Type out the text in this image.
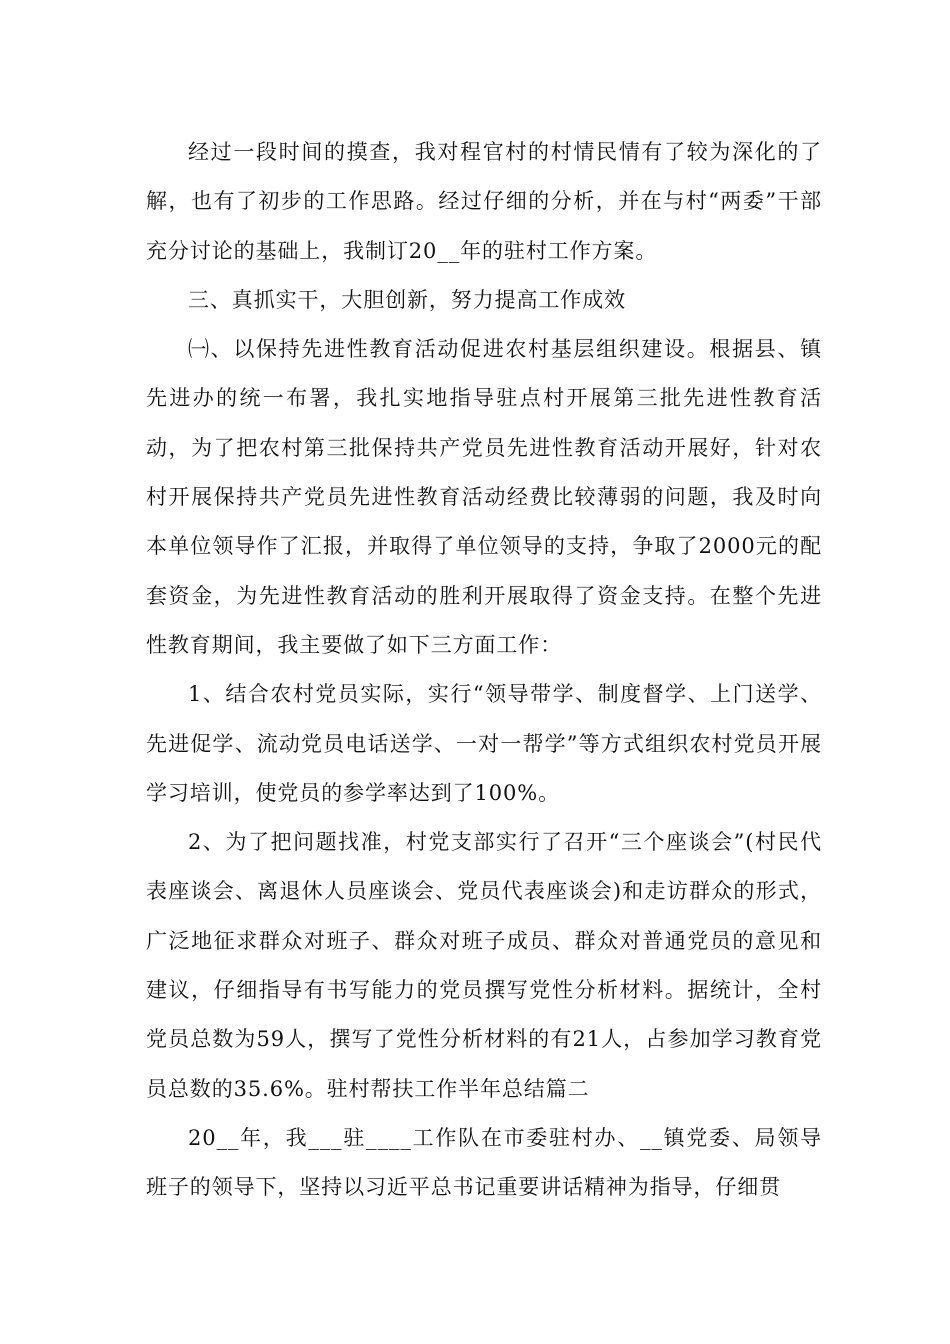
经过一段时间的摸查，我对程官村的村情民情有了较为深化的了解，也有了初步的工作思路。经过仔细的分析，并在与村“两委”干部充分讨论的基础上，我制订20__年的驻村工作方案。

三、真抓实干，大胆创新，努力提高工作成效

㈠、以保持先进性教育活动促进农村基层组织建设。根据县、镇先进办的统一布署，我扎实地指导驻点村开展第三批先进性教育活动，为了把农村第三批保持共产党员先进性教育活动开展好，针对农村开展保持共产党员先进性教育活动经费比较薄弱的问题，我及时向本单位领导作了汇报，并取得了单位领导的支持，争取了2000元的配套资金，为先进性教育活动的胜利开展取得了资金支持。在整个先进性教育期间，我主要做了如下三方面工作：

1、结合农村党员实际，实行“领导带学、制度督学、上门送学、先进促学、流动党员电话送学、一对一帮学”等方式组织农村党员开展学习培训，使党员的参学率达到了100%。

2、为了把问题找准，村党支部实行了召开“三个座谈会”(村民代表座谈会、离退休人员座谈会、党员代表座谈会)和走访群众的形式，广泛地征求群众对班子、群众对班子成员、群众对普通党员的意见和建议，仔细指导有书写能力的党员撰写党性分析材料。据统计，全村党员总数为59人，撰写了党性分析材料的有21人，占参加学习教育党员总数的35.6%。驻村帮扶工作半年总结篇二

20__年，我___驻____工作队在市委驻村办、__镇党委、局领导班子的领导下，坚持以习近平总书记重要讲话精神为指导，仔细贯
